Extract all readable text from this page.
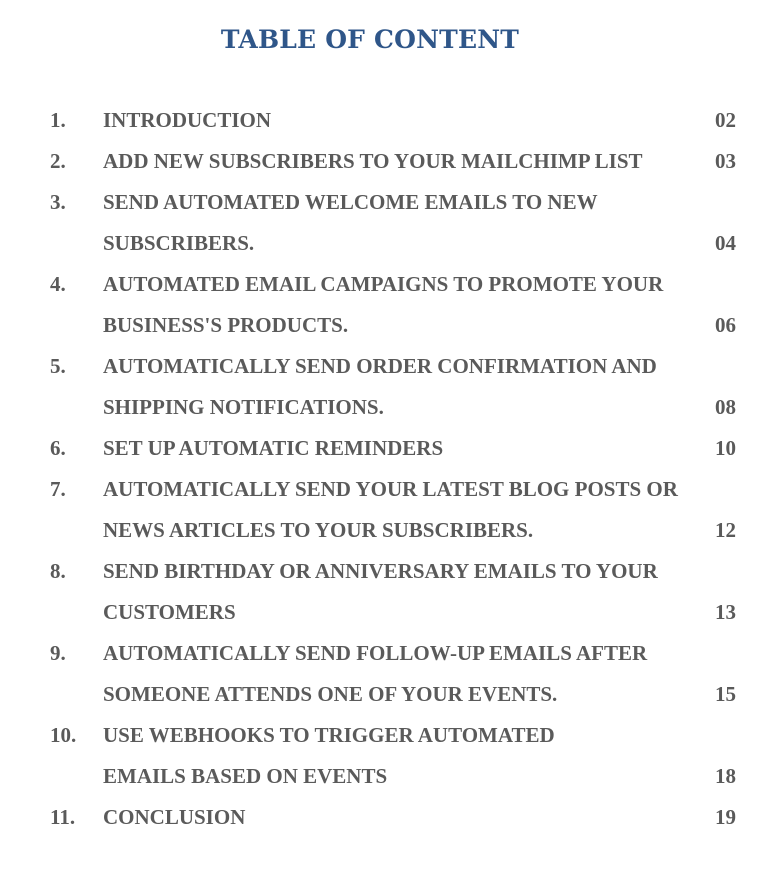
TABLE OF CONTENT
1. INTRODUCTION	02
2. ADD NEW SUBSCRIBERS TO YOUR MAILCHIMP LIST	03
3. SEND AUTOMATED WELCOME EMAILS TO NEW
SUBSCRIBERS.	04
4. AUTOMATED EMAIL CAMPAIGNS TO PROMOTE YOUR
BUSINESS'S PRODUCTS.	06
5. AUTOMATICALLY SEND ORDER CONFIRMATION AND
SHIPPING NOTIFICATIONS.	08
6. SET UP AUTOMATIC REMINDERS	10
7. AUTOMATICALLY SEND YOUR LATEST BLOG POSTS OR
NEWS ARTICLES TO YOUR SUBSCRIBERS.	12
8. SEND BIRTHDAY OR ANNIVERSARY EMAILS TO YOUR
CUSTOMERS	13
9. AUTOMATICALLY SEND FOLLOW-UP EMAILS AFTER
SOMEONE ATTENDS ONE OF YOUR EVENTS.	15
10. USE WEBHOOKS TO TRIGGER AUTOMATED
EMAILS BASED ON EVENTS	18
11. CONCLUSION	19
